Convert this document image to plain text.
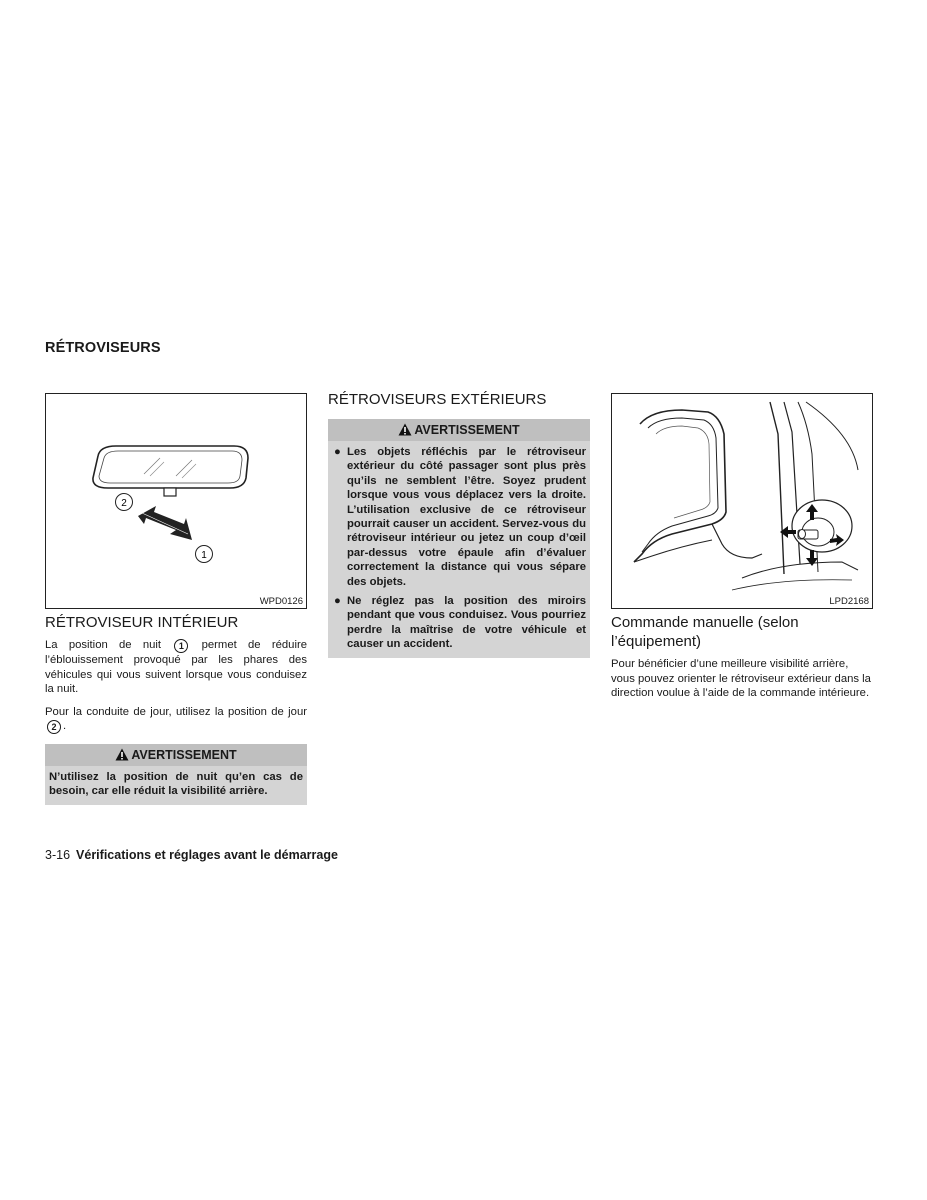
RÉTROVISEURS
2
1
WPD0126
RÉTROVISEUR INTÉRIEUR

La position de nuit 1 permet de réduire l’éblouissement provoqué par les phares des véhicules qui vous suivent lorsque vous conduisez la nuit.

Pour la conduite de jour, utilisez la position de jour 2 .

AVERTISSEMENT
N’utilisez la position de nuit qu’en cas de besoin, car elle réduit la visibilité arrière.
RÉTROVISEURS EXTÉRIEURS
AVERTISSEMENT
● Les objets réfléchis par le rétroviseur extérieur du côté passager sont plus près qu’ils ne semblent l’être. Soyez prudent lorsque vous vous déplacez vers la droite. L’utilisation exclusive de ce rétroviseur pourrait causer un accident. Servez-vous du rétroviseur intérieur ou jetez un coup d’œil par-dessus votre épaule afin d’évaluer correctement la distance qui vous sépare des objets.
● Ne réglez pas la position des miroirs pendant que vous conduisez. Vous pourriez perdre la maîtrise de votre véhicule et causer un accident.
LPD2168
Commande manuelle (selon l’équipement)

Pour bénéficier d’une meilleure visibilité arrière, vous pouvez orienter le rétroviseur extérieur dans la direction voulue à l’aide de la commande intérieure.

3-16 Vérifications et réglages avant le démarrage
